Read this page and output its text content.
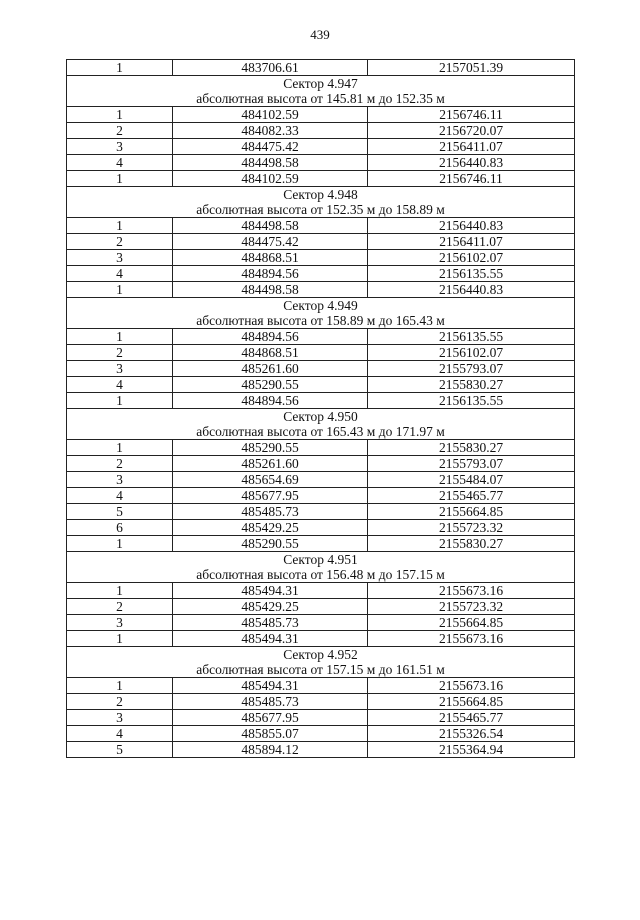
439
1	483706.61	2157051.39
Сектор 4.947		
абсолютная высота от 145.81 м до 152.35 м		
1	484102.59	2156746.11
2	484082.33	2156720.07
3	484475.42	2156411.07
4	484498.58	2156440.83
1	484102.59	2156746.11
Сектор 4.948		
абсолютная высота от 152.35 м до 158.89 м		
1	484498.58	2156440.83
2	484475.42	2156411.07
3	484868.51	2156102.07
4	484894.56	2156135.55
1	484498.58	2156440.83
Сектор 4.949		
абсолютная высота от 158.89 м до 165.43 м		
1	484894.56	2156135.55
2	484868.51	2156102.07
3	485261.60	2155793.07
4	485290.55	2155830.27
1	484894.56	2156135.55
Сектор 4.950		
абсолютная высота от 165.43 м до 171.97 м		
1	485290.55	2155830.27
2	485261.60	2155793.07
3	485654.69	2155484.07
4	485677.95	2155465.77
5	485485.73	2155664.85
6	485429.25	2155723.32
1	485290.55	2155830.27
Сектор 4.951		
абсолютная высота от 156.48 м до 157.15 м		
1	485494.31	2155673.16
2	485429.25	2155723.32
3	485485.73	2155664.85
1	485494.31	2155673.16
Сектор 4.952		
абсолютная высота от 157.15 м до 161.51 м		
1	485494.31	2155673.16
2	485485.73	2155664.85
3	485677.95	2155465.77
4	485855.07	2155326.54
5	485894.12	2155364.94
